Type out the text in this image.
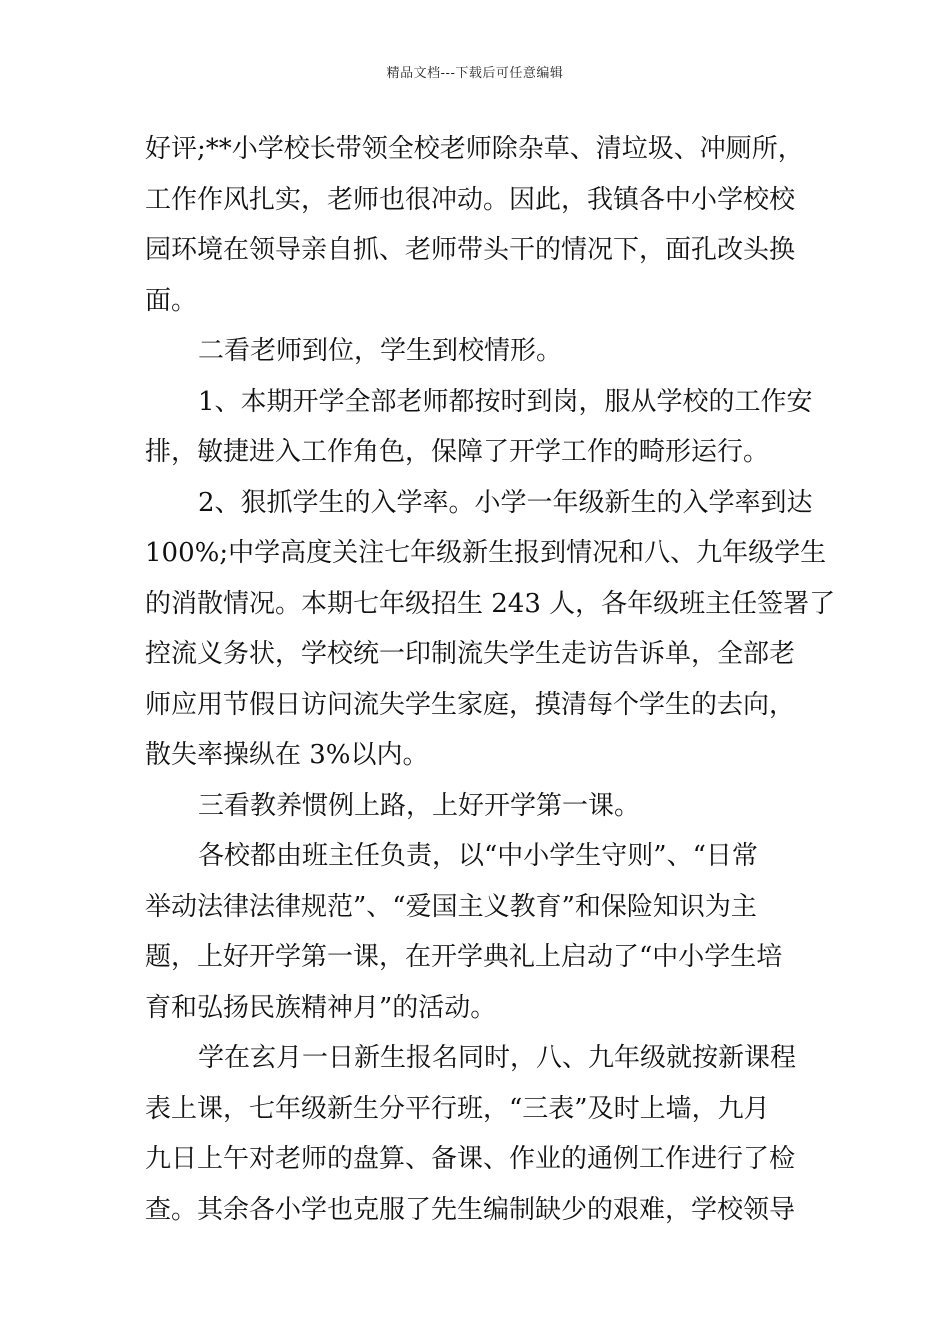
精品文档---下载后可任意编辑
好评;**小学校长带领全校老师除杂草、清垃圾、冲厕所，
工作作风扎实，老师也很冲动。因此，我镇各中小学校校
园环境在领导亲自抓、老师带头干的情况下，面孔改头换
面。
二看老师到位，学生到校情形。
1、本期开学全部老师都按时到岗，服从学校的工作安
排，敏捷进入工作角色，保障了开学工作的畸形运行。
2、狠抓学生的入学率。小学一年级新生的入学率到达
100%;中学高度关注七年级新生报到情况和八、九年级学生
的消散情况。本期七年级招生 243 人，各年级班主任签署了
控流义务状，学校统一印制流失学生走访告诉单，全部老
师应用节假日访问流失学生家庭，摸清每个学生的去向，
散失率操纵在 3%以内。
三看教养惯例上路，上好开学第一课。
各校都由班主任负责，以“中小学生守则”、“日常
举动法律法律规范”、“爱国主义教育”和保险知识为主
题，上好开学第一课，在开学典礼上启动了“中小学生培
育和弘扬民族精神月”的活动。
学在玄月一日新生报名同时，八、九年级就按新课程
表上课，七年级新生分平行班，“三表”及时上墙，九月
九日上午对老师的盘算、备课、作业的通例工作进行了检
查。其余各小学也克服了先生编制缺少的艰难，学校领导
